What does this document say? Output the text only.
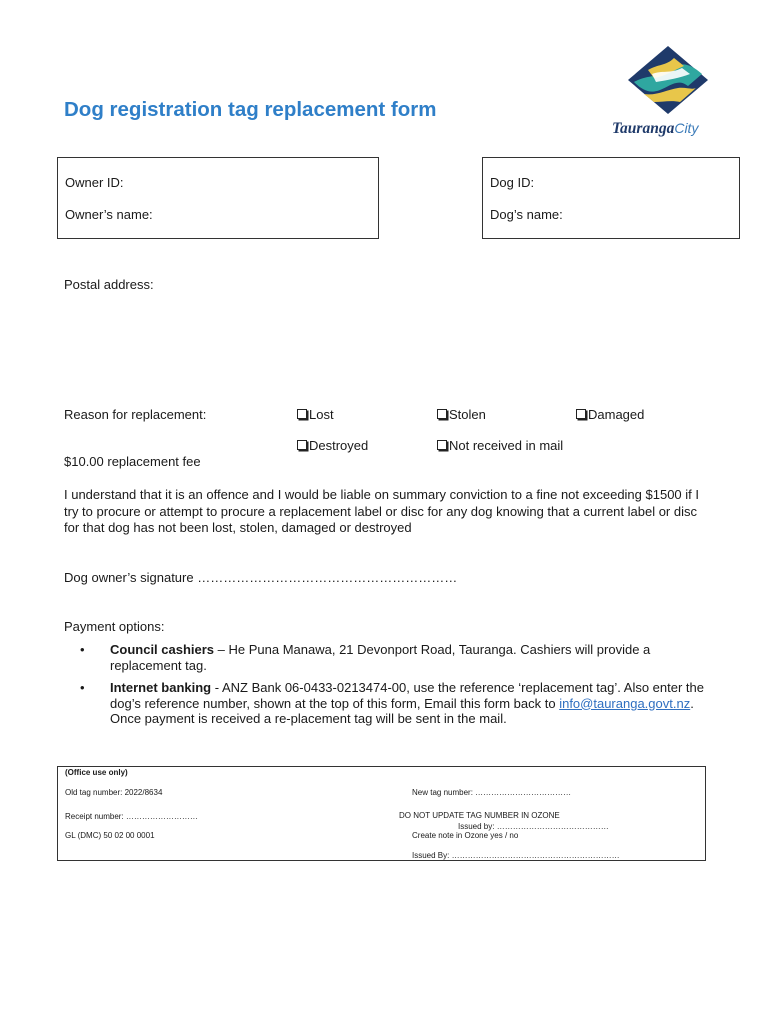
Dog registration tag replacement form
TaurangaCity
Owner ID:
Owner’s name:
Dog ID:
Dog’s name:
Postal address:
Reason for replacement:	Lost	Stolen	Damaged
Destroyed	Not received in mail
$10.00 replacement fee
I understand that it is an offence and I would be liable on summary conviction to a fine not exceeding $1500 if I try to procure or attempt to procure a replacement label or disc for any dog knowing that a current label or disc for that dog has not been lost, stolen, damaged or destroyed
Dog owner’s signature ……………………………………………………
Payment options:
• Council cashiers – He Puna Manawa, 21 Devonport Road, Tauranga. Cashiers will provide a replacement tag.
• Internet banking - ANZ Bank 06-0433-0213474-00, use the reference ‘replacement tag’. Also enter the dog’s reference number, shown at the top of this form, Email this form back to info@tauranga.govt.nz. Once payment is received a re-placement tag will be sent in the mail.
(Office use only)
Old tag number: 2022/8634	New tag number: ………………………………
Receipt number: ………………………	DO NOT UPDATE TAG NUMBER IN OZONE
Issued by: ……………………………………
GL (DMC) 50 02 00 0001	Create note in Ozone yes / no
Issued By: ………………………………………………………
